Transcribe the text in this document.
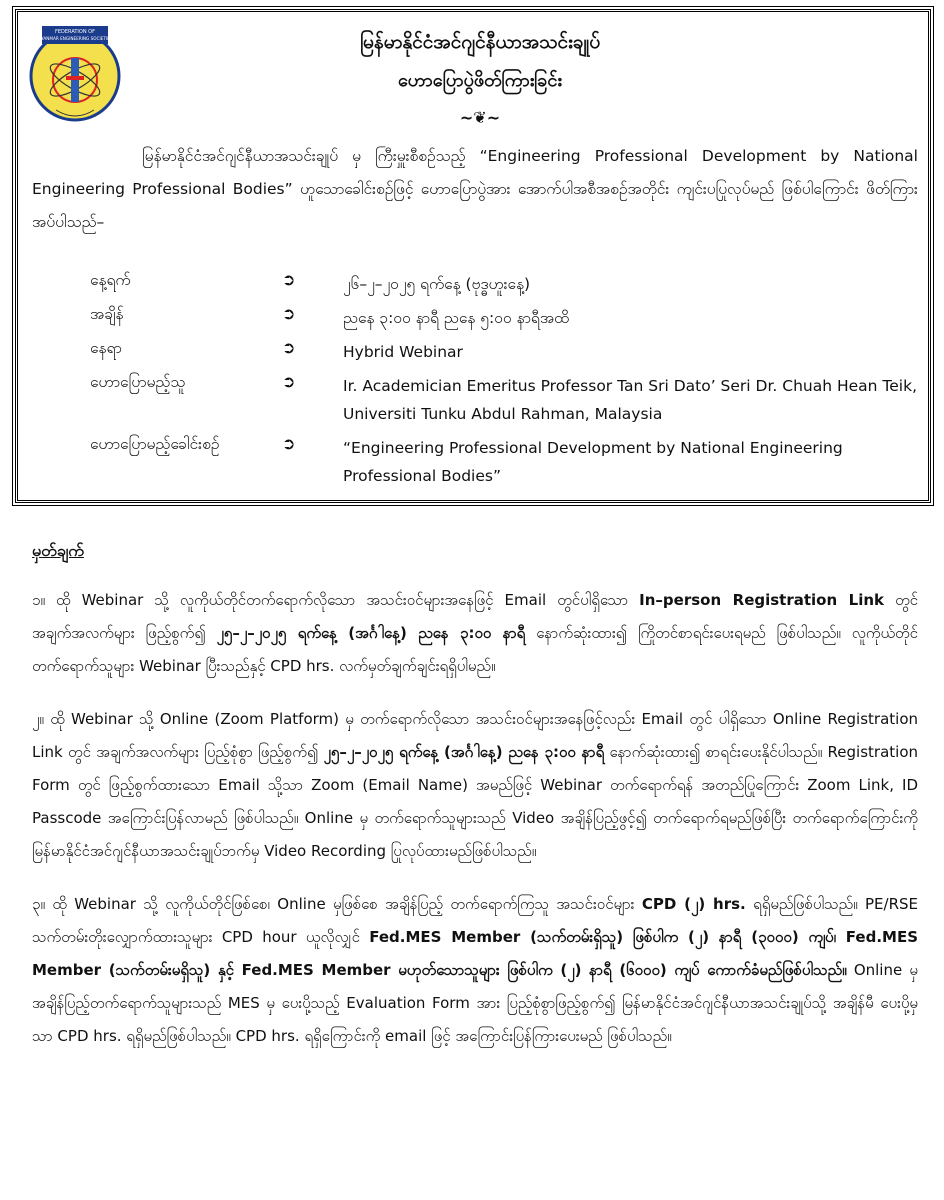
FEDERATION OF
MYANMAR ENGINEERING SOCIETIES	မြန်မာနိုင်ငံအင်ဂျင်နီယာအသင်းချုပ်
ဟောပြောပွဲဖိတ်ကြားခြင်း
~❦~
မြန်မာနိုင်ငံအင်ဂျင်နီယာအသင်းချုပ် မှ ကြီးမှူးစီစဉ်သည့် “Engineering Professional Development by National Engineering Professional Bodies” ဟူသောခေါင်းစဉ်ဖြင့် ဟောပြောပွဲအား အောက်ပါအစီအစဉ်အတိုင်း ကျင်းပပြုလုပ်မည် ဖြစ်ပါကြောင်း ဖိတ်ကြားအပ်ပါသည်–
နေ့ရက်	➲	၂၆–၂–၂၀၂၅ ရက်နေ့ (ဗုဒ္ဓဟူးနေ့)
အချိန်	➲	ညနေ ၃:၀၀ နာရီ ညနေ ၅:၀၀ နာရီအထိ
နေရာ	➲	Hybrid Webinar
ဟောပြောမည့်သူ	➲	Ir. Academician Emeritus Professor Tan Sri Dato’ Seri Dr. Chuah Hean Teik, Universiti Tunku Abdul Rahman, Malaysia
ဟောပြောမည့်ခေါင်းစဉ်	➲	“Engineering Professional Development by National Engineering Professional Bodies”
မှတ်ချက်

၁။ ထို Webinar သို့ လူကိုယ်တိုင်တက်ရောက်လိုသော အသင်းဝင်များအနေဖြင့် Email တွင်ပါရှိသော In–person Registration Link တွင် အချက်အလက်များ ဖြည့်စွက်၍ ၂၅–၂–၂၀၂၅ ရက်နေ့ (အင်္ဂါနေ့) ညနေ ၃:၀၀ နာရီ နောက်ဆုံးထား၍ ကြိုတင်စာရင်းပေးရမည် ဖြစ်ပါသည်။ လူကိုယ်တိုင် တက်ရောက်သူများ Webinar ပြီးသည်နှင့် CPD hrs. လက်မှတ်ချက်ချင်းရရှိပါမည်။

၂။ ထို Webinar သို့ Online (Zoom Platform) မှ တက်ရောက်လိုသော အသင်းဝင်များအနေဖြင့်လည်း Email တွင် ပါရှိသော Online Registration Link တွင် အချက်အလက်များ ပြည့်စုံစွာ ဖြည့်စွက်၍ ၂၅–၂–၂၀၂၅ ရက်နေ့ (အင်္ဂါနေ့) ညနေ ၃:၀၀ နာရီ နောက်ဆုံးထား၍ စာရင်းပေးနိုင်ပါသည်။ Registration Form တွင် ဖြည့်စွက်ထားသော Email သို့သာ Zoom (Email Name) အမည်ဖြင့် Webinar တက်ရောက်ရန် အတည်ပြုကြောင်း Zoom Link, ID Passcode အကြောင်းပြန်လာမည် ဖြစ်ပါသည်။ Online မှ တက်ရောက်သူများသည် Video အချိန်ပြည့်ဖွင့်၍ တက်ရောက်ရမည်ဖြစ်ပြီး တက်ရောက်ကြောင်းကို မြန်မာနိုင်ငံအင်ဂျင်နီယာအသင်းချုပ်ဘက်မှ Video Recording ပြုလုပ်ထားမည်ဖြစ်ပါသည်။

၃။ ထို Webinar သို့ လူကိုယ်တိုင်ဖြစ်စေ၊ Online မှဖြစ်စေ အချိန်ပြည့် တက်ရောက်ကြသူ အသင်းဝင်များ CPD (၂) hrs. ရရှိမည်ဖြစ်ပါသည်။ PE/RSE သက်တမ်းတိုးလျှောက်ထားသူများ CPD hour ယူလိုလျှင် Fed.MES Member (သက်တမ်းရှိသူ) ဖြစ်ပါက (၂) နာရီ (၃၀၀၀) ကျပ်၊ Fed.MES Member (သက်တမ်းမရှိသူ) နှင့် Fed.MES Member မဟုတ်သောသူများ ဖြစ်ပါက (၂) နာရီ (၆၀၀၀) ကျပ် ကောက်ခံမည်ဖြစ်ပါသည်။ Online မှ အချိန်ပြည့်တက်ရောက်သူများသည် MES မှ ပေးပို့သည့် Evaluation Form အား ပြည့်စုံစွာဖြည့်စွက်၍ မြန်မာနိုင်ငံအင်ဂျင်နီယာအသင်းချုပ်သို့ အချိန်မီ ပေးပို့မှသာ CPD hrs. ရရှိမည်ဖြစ်ပါသည်။ CPD hrs. ရရှိကြောင်းကို email ဖြင့် အကြောင်းပြန်ကြားပေးမည် ဖြစ်ပါသည်။
